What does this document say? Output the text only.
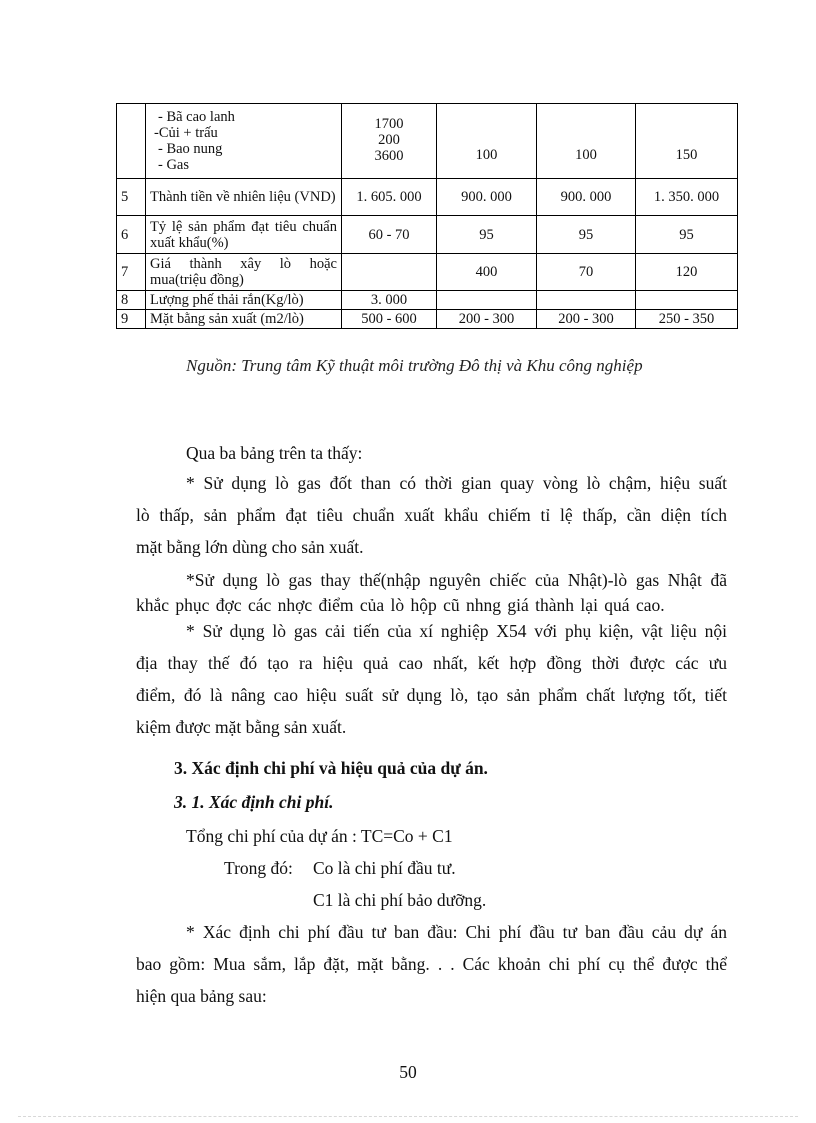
	- Bã cao lanh
-Củi + trấu
- Bao nung
- Gas	1700
200
3600	100	100	150
5	Thành tiền về nhiên liệu (VND)	1. 605. 000	900. 000	900. 000	1. 350. 000
6	Tỷ lệ sản phẩm đạt tiêu chuẩn xuất khẩu(%)	60 - 70	95	95	95
7	Giá thành xây lò hoặc mua(triệu đồng)		400	70	120
8	Lượng phế thải rắn(Kg/lò)	3. 000			
9	Mặt bằng sản xuất (m2/lò)	500 - 600	200 - 300	200 - 300	250 - 350
Nguồn: Trung tâm Kỹ thuật môi trường Đô thị và Khu công nghiệp
Qua ba bảng trên ta thấy:
* Sử dụng lò gas đốt than có thời gian quay vòng lò chậm, hiệu suất
lò thấp, sản phẩm đạt tiêu chuẩn xuất khẩu chiếm tỉ lệ thấp, cần diện tích
mặt bằng lớn dùng cho sản xuất.
*Sử dụng lò gas thay thế(nhập nguyên chiếc của Nhật)-lò gas Nhật đã
khắc phục đợc các nhợc điểm của lò hộp cũ nhng giá thành lại quá cao.
* Sử dụng lò gas cải tiến của xí nghiệp X54 với phụ kiện, vật liệu nội
địa thay thế đó tạo ra hiệu quả cao nhất, kết hợp đồng thời được các ưu
điểm, đó là nâng cao hiệu suất sử dụng lò, tạo sản phẩm chất lượng tốt, tiết
kiệm được mặt bằng sản xuất.
3. Xác định chi phí và hiệu quả của dự án.
3. 1. Xác định chi phí.
Tổng chi phí của dự án : TC=Co + C1
Trong đó: Co là chi phí đầu tư.
C1 là chi phí bảo dưỡng.
* Xác định chi phí đầu tư ban đầu: Chi phí đầu tư ban đầu cảu dự án
bao gồm: Mua sắm, lắp đặt, mặt bằng. . . Các khoản chi phí cụ thể được thể
hiện qua bảng sau:
50
